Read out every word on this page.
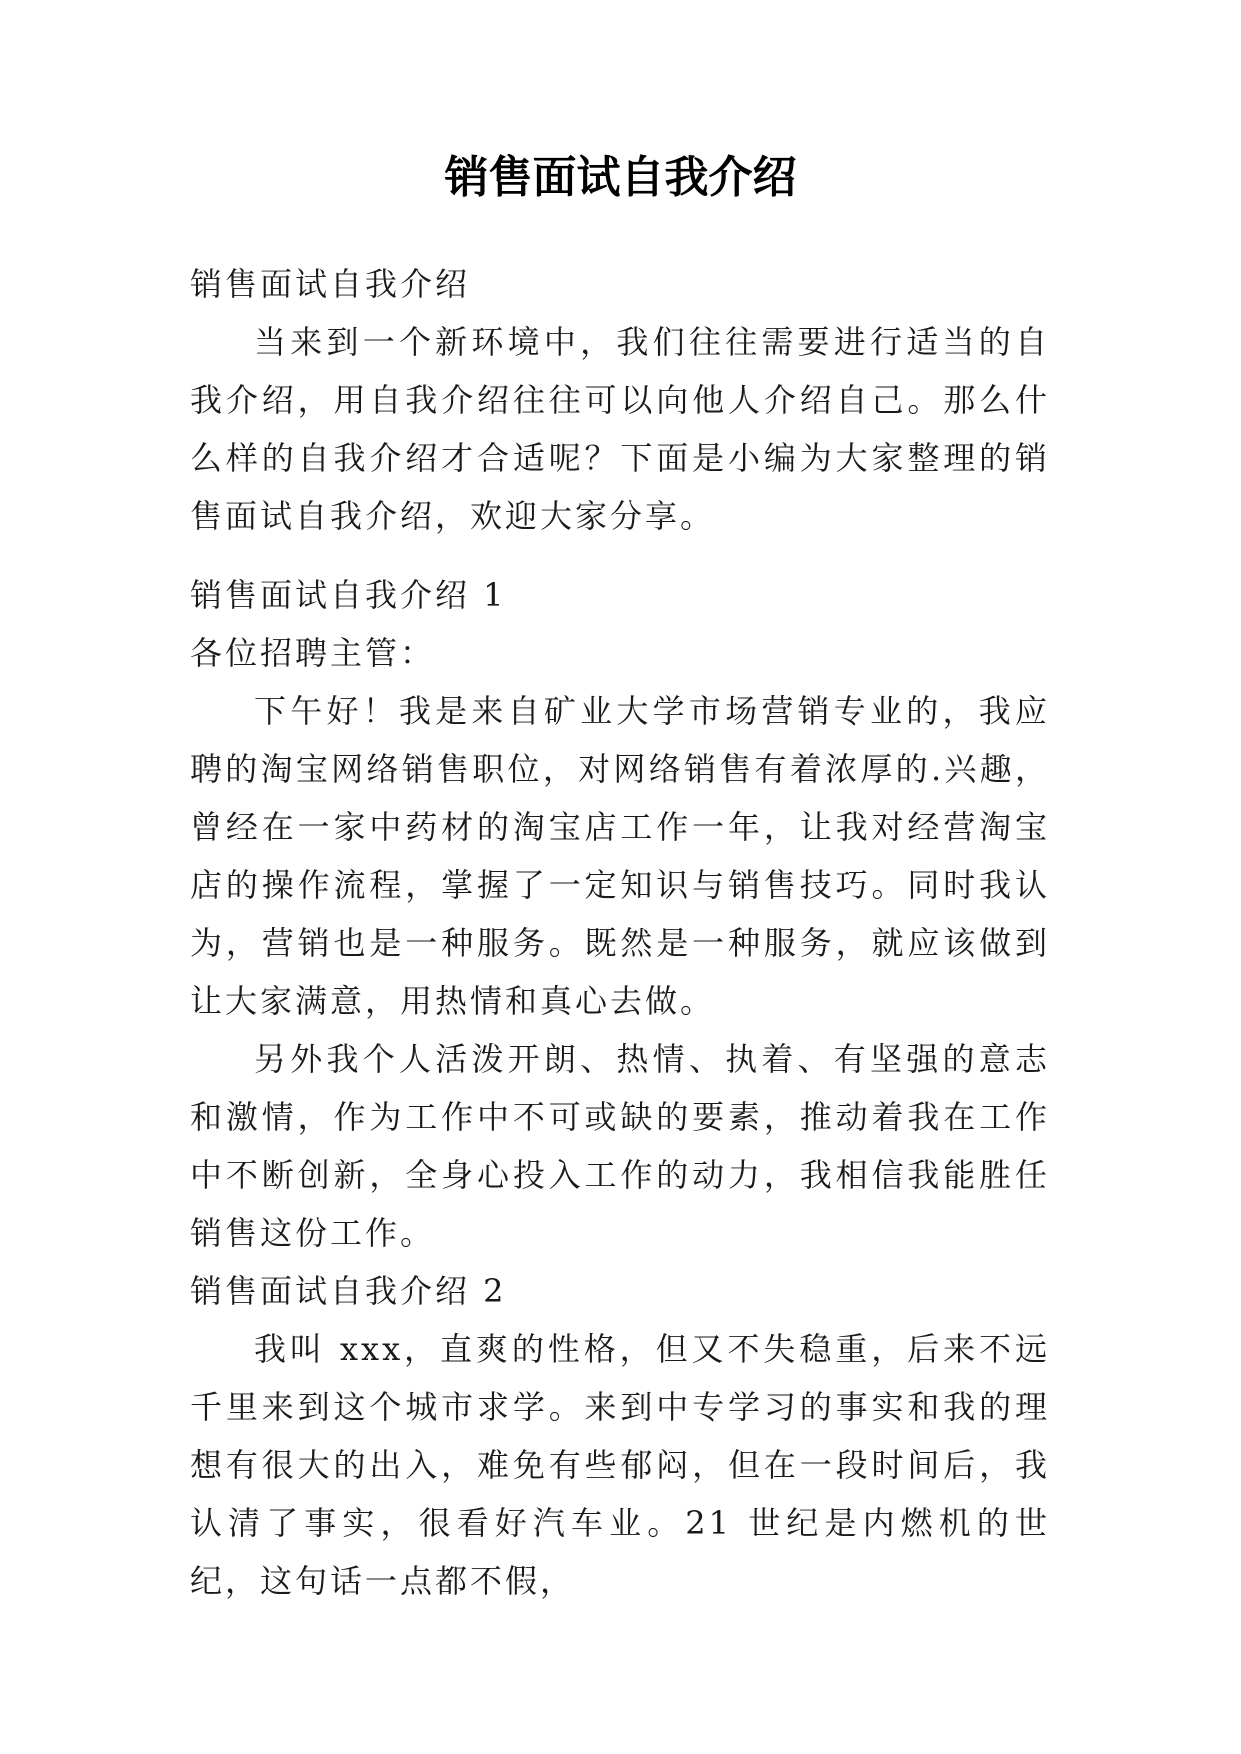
销售面试自我介绍

销售面试自我介绍

当来到一个新环境中，我们往往需要进行适当的自我介绍，用自我介绍往往可以向他人介绍自己。那么什么样的自我介绍才合适呢？下面是小编为大家整理的销售面试自我介绍，欢迎大家分享。

销售面试自我介绍 1

各位招聘主管：

下午好！我是来自矿业大学市场营销专业的，我应聘的淘宝网络销售职位，对网络销售有着浓厚的.兴趣，曾经在一家中药材的淘宝店工作一年，让我对经营淘宝店的操作流程，掌握了一定知识与销售技巧。同时我认为，营销也是一种服务。既然是一种服务，就应该做到让大家满意，用热情和真心去做。

另外我个人活泼开朗、热情、执着、有坚强的意志和激情，作为工作中不可或缺的要素，推动着我在工作中不断创新，全身心投入工作的动力，我相信我能胜任销售这份工作。

销售面试自我介绍 2

我叫 xxx，直爽的性格，但又不失稳重，后来不远千里来到这个城市求学。来到中专学习的事实和我的理想有很大的出入，难免有些郁闷，但在一段时间后，我认清了事实，很看好汽车业。21 世纪是内燃机的世纪，这句话一点都不假，
